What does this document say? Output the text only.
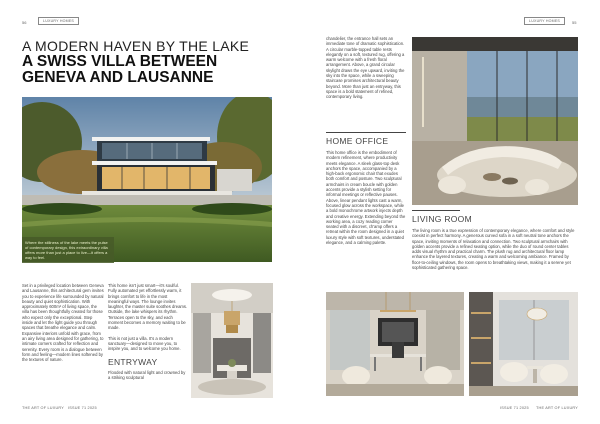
56	LUXURY HOMES
A MODERN HAVEN BY THE LAKE
A SWISS VILLA BETWEEN
GENEVA AND LAUSANNE
Where the stillness of the lake meets the pulse of contemporary design, this extraordinary villa offers more than just a place to live—it offers a way to feel.
Set in a privileged location between Geneva and Lausanne, this architectural gem invites you to experience life surrounded by natural beauty and quiet sophistication. With approximately 600m² of living space, the villa has been thoughtfully created for those who expect only the exceptional. Step inside and let the light guide you through spaces that breathe elegance and calm. Expansive interiors unfold with grace, from an airy living area designed for gathering, to intimate corners crafted for reflection and serenity. Every room is a dialogue between form and feeling—modern lines softened by the textures of nature.
This home isn't just smart—it's soulful. Fully automated yet effortlessly warm, it brings comfort to life in the most meaningful ways. The lounge invites laughter, the master suite soothes dreams. Outside, the lake whispers its rhythm. Terraces open to the sky, and each moment becomes a memory waiting to be made.
This is not just a villa. It's a modern sanctuary—designed to move you, to inspire you, and to welcome you home.
ENTRYWAY
Flooded with natural light and crowned by a striking sculptural
THE ART OF LUXURY ISSUE 71 2025
LUXURY HOMES	55
chandelier, the entrance hall sets an immediate tone of dramatic sophistication. A circular marble-topped table rests elegantly on a soft, textured rug, offering a warm welcome with a fresh floral arrangement. Above, a grand circular skylight draws the eye upward, inviting the sky into the space, while a sweeping staircase promises architectural beauty beyond. More than just an entryway, this space is a bold statement of refined, contemporary living.
HOME OFFICE
This home office is the embodiment of modern refinement, where productivity meets elegance. A sleek glass-top desk anchors the space, accompanied by a high-back ergonomic chair that exudes both comfort and posture. Two sculptural armchairs in cream boucle with golden accents provide a stylish setting for informal meetings or reflective pauses. Above, linear pendant lights cast a warm, focused glow across the workspace, while a bold monochrome artwork injects depth and creative energy. Extending beyond the working area, a cozy reading corner seated with a discreet, ch'amp offers a retreat within the room designed in a quiet luxury style with soft textures, understated elegance, and a calming palette.
LIVING ROOM
The living room is a true expression of contemporary elegance, where comfort and style coexist in perfect harmony. A generous curved sofa in a soft neutral tone anchors the space, inviting moments of relaxation and connection. Two sculptural armchairs with golden accents provide a refined seating option, while the duo of round center tables adds visual rhythm and practical charm. The plush rug and architectural floor lamp enhance the layered textures, creating a warm and welcoming ambiance. Framed by floor-to-ceiling windows, the room opens to breathtaking views, making it a serene yet sophisticated gathering space.
ISSUE 71 2025 THE ART OF LUXURY
